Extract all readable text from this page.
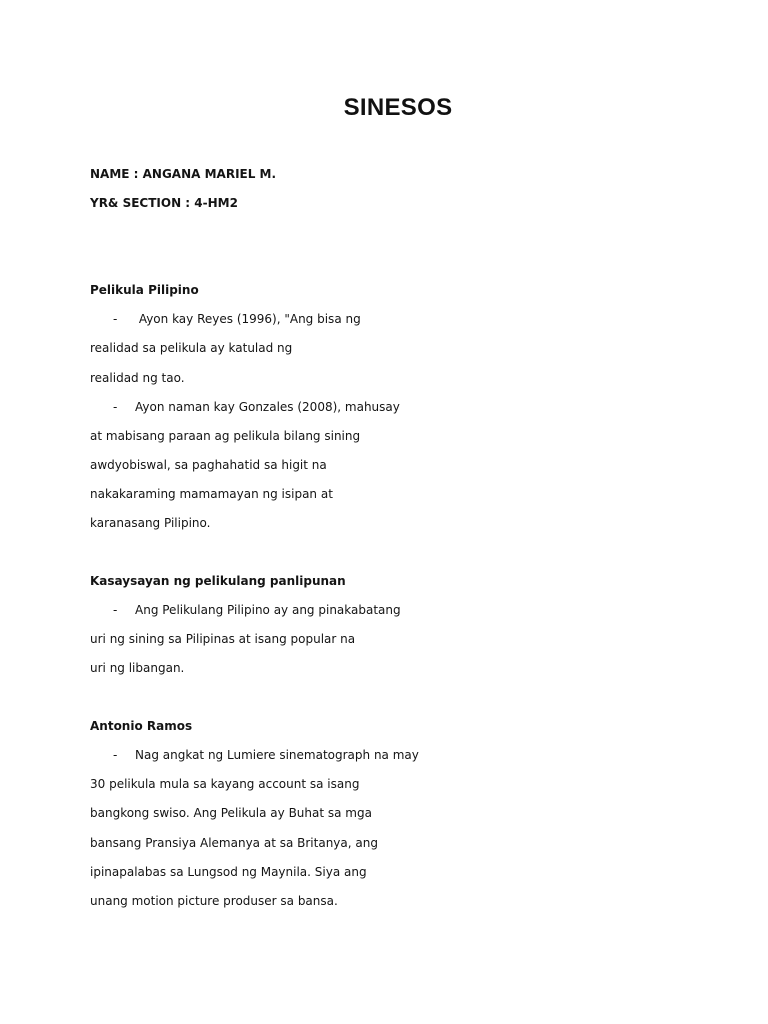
SINESOS
NAME : ANGANA MARIEL M.
YR& SECTION : 4-HM2
Pelikula Pilipino
- Ayon kay Reyes (1996), "Ang bisa ng
realidad sa pelikula ay katulad ng
realidad ng tao.
- Ayon naman kay Gonzales (2008), mahusay
at mabisang paraan ag pelikula bilang sining
awdyobiswal, sa paghahatid sa higit na
nakakaraming mamamayan ng isipan at
karanasang Pilipino.
Kasaysayan ng pelikulang panlipunan
- Ang Pelikulang Pilipino ay ang pinakabatang
uri ng sining sa Pilipinas at isang popular na
uri ng libangan.
Antonio Ramos
- Nag angkat ng Lumiere sinematograph na may
30 pelikula mula sa kayang account sa isang
bangkong swiso. Ang Pelikula ay Buhat sa mga
bansang Pransiya Alemanya at sa Britanya, ang
ipinapalabas sa Lungsod ng Maynila. Siya ang
unang motion picture produser sa bansa.
